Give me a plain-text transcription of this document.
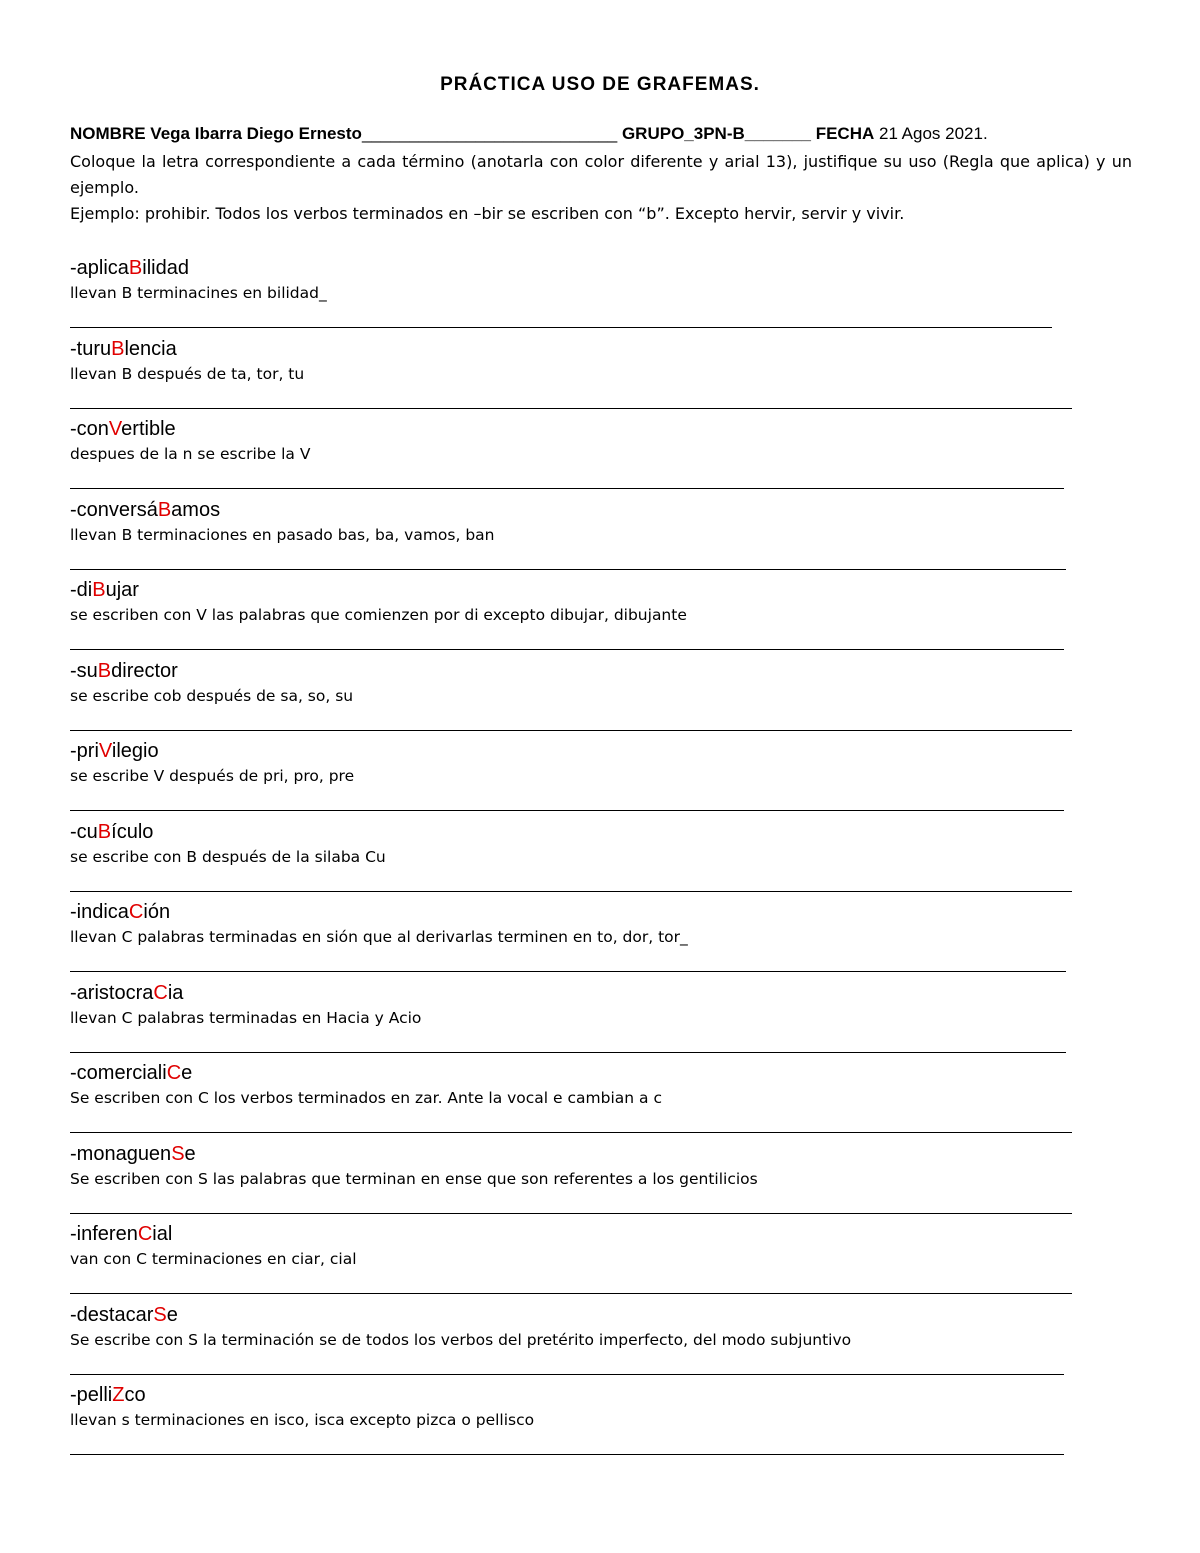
PRÁCTICA USO DE GRAFEMAS.
NOMBRE Vega Ibarra Diego Ernesto___________________________ GRUPO_3PN-B_______ FECHA 21 Agos 2021.
Coloque la letra correspondiente a cada término (anotarla con color diferente y arial 13), justifique su uso (Regla que aplica) y un ejemplo.
Ejemplo: prohibir. Todos los verbos terminados en –bir se escriben con “b”. Excepto hervir, servir y vivir.
-aplicaBilidad
llevan B terminacines en bilidad_
-turuBlencia
llevan B después de ta, tor, tu
-conVertible
despues de la n se escribe la V
-conversáBamos
llevan B terminaciones en pasado bas, ba, vamos, ban
-diBujar
se escriben con V las palabras que comienzen por di excepto dibujar, dibujante
-suBdirector
se escribe cob después de sa, so, su
-priVilegio
se escribe V después de pri, pro, pre
-cuBículo
se escribe con B después de la silaba Cu
-indicaCión
llevan C palabras terminadas en sión que al derivarlas terminen en to, dor, tor_
-aristocraCia
llevan C palabras terminadas en Hacia y Acio
-comercialiCe
Se escriben con C los verbos terminados en zar. Ante la vocal e cambian a c
-monaguenSe
Se escriben con S las palabras que terminan en ense que son referentes a los gentilicios
-inferenCial
van con C terminaciones en ciar, cial
-destacarSe
Se escribe con S la terminación se de todos los verbos del pretérito imperfecto, del modo subjuntivo
-pelliZco
llevan s terminaciones en isco, isca excepto pizca o pellisco
